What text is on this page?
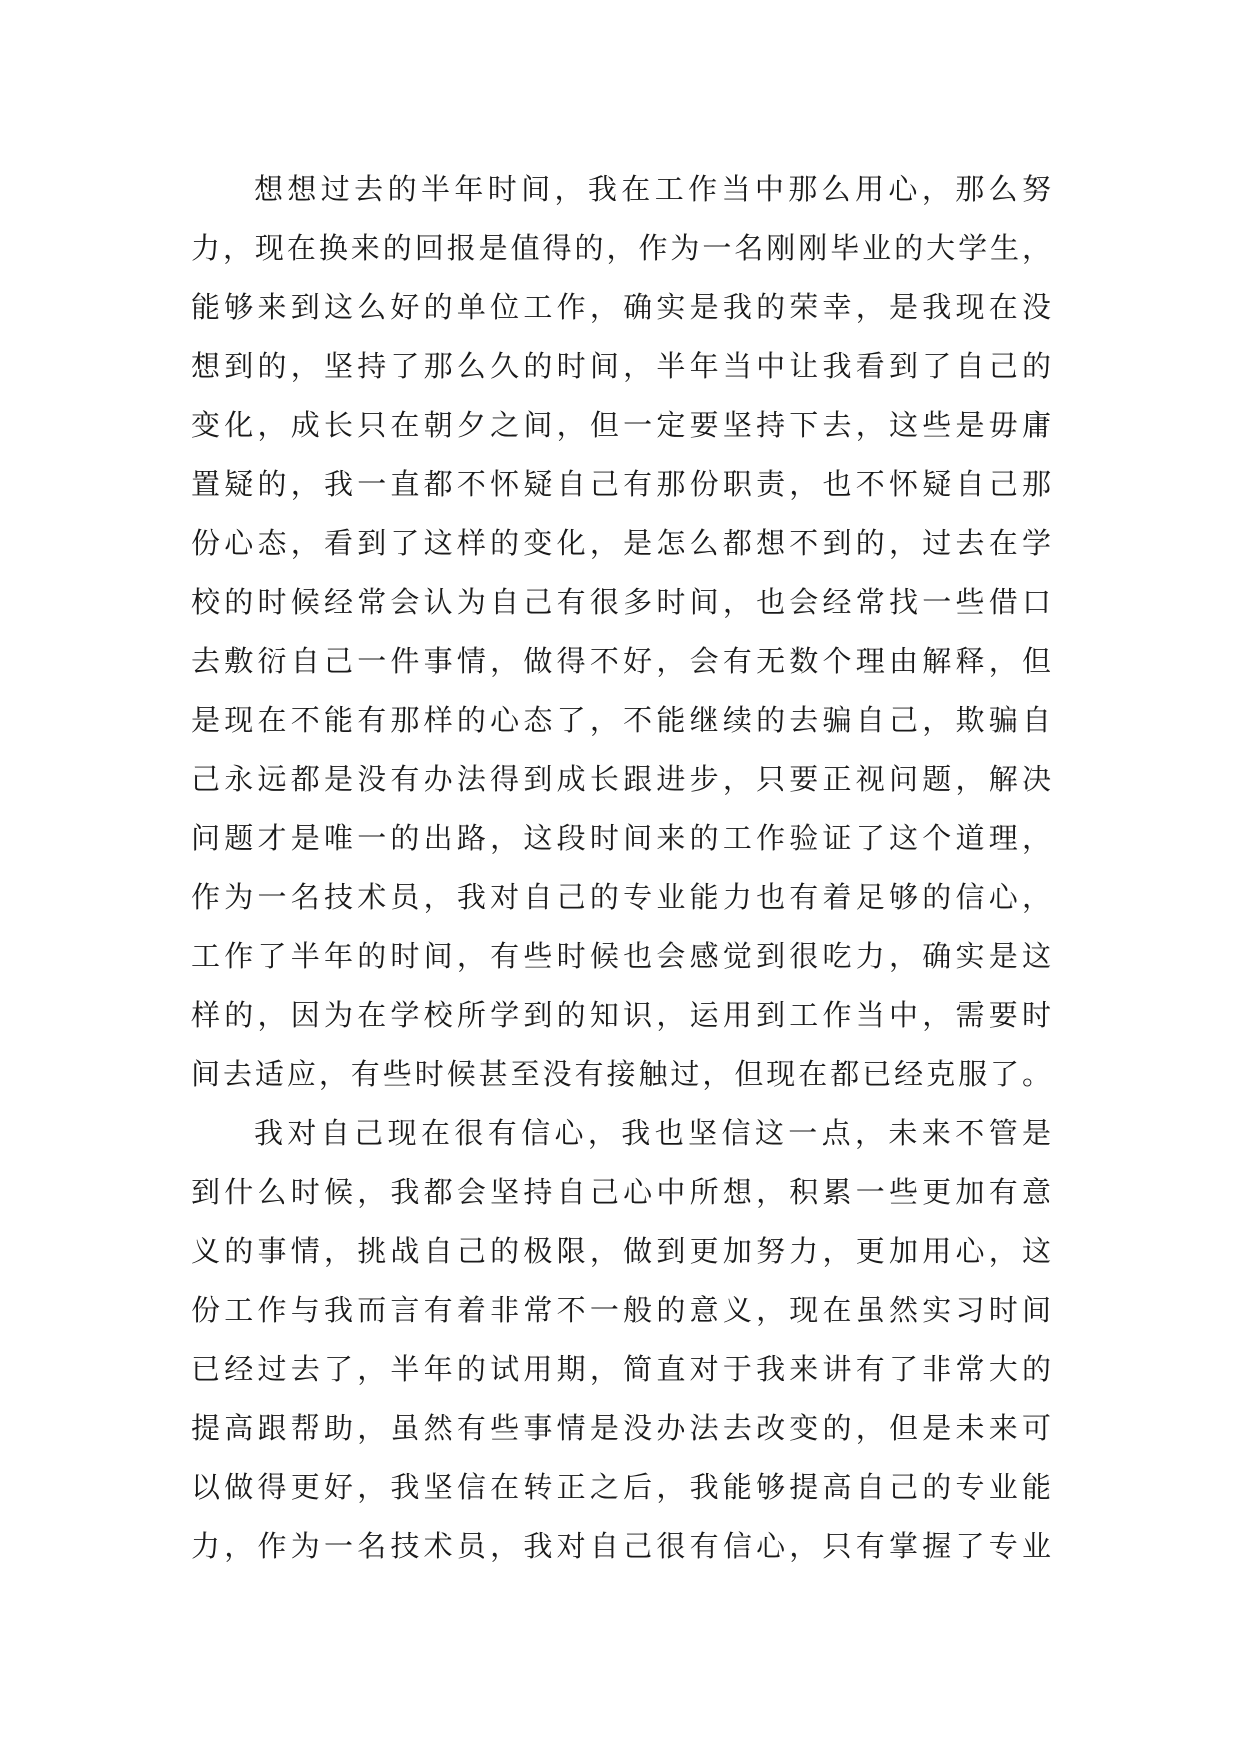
想想过去的半年时间，我在工作当中那么用心，那么努
力，现在换来的回报是值得的，作为一名刚刚毕业的大学生，
能够来到这么好的单位工作，确实是我的荣幸，是我现在没
想到的，坚持了那么久的时间，半年当中让我看到了自己的
变化，成长只在朝夕之间，但一定要坚持下去，这些是毋庸
置疑的，我一直都不怀疑自己有那份职责，也不怀疑自己那
份心态，看到了这样的变化，是怎么都想不到的，过去在学
校的时候经常会认为自己有很多时间，也会经常找一些借口
去敷衍自己一件事情，做得不好，会有无数个理由解释，但
是现在不能有那样的心态了，不能继续的去骗自己，欺骗自
己永远都是没有办法得到成长跟进步，只要正视问题，解决
问题才是唯一的出路，这段时间来的工作验证了这个道理，
作为一名技术员，我对自己的专业能力也有着足够的信心，
工作了半年的时间，有些时候也会感觉到很吃力，确实是这
样的，因为在学校所学到的知识，运用到工作当中，需要时
间去适应，有些时候甚至没有接触过，但现在都已经克服了。
我对自己现在很有信心，我也坚信这一点，未来不管是
到什么时候，我都会坚持自己心中所想，积累一些更加有意
义的事情，挑战自己的极限，做到更加努力，更加用心，这
份工作与我而言有着非常不一般的意义，现在虽然实习时间
已经过去了，半年的试用期，简直对于我来讲有了非常大的
提高跟帮助，虽然有些事情是没办法去改变的，但是未来可
以做得更好，我坚信在转正之后，我能够提高自己的专业能
力，作为一名技术员，我对自己很有信心，只有掌握了专业
